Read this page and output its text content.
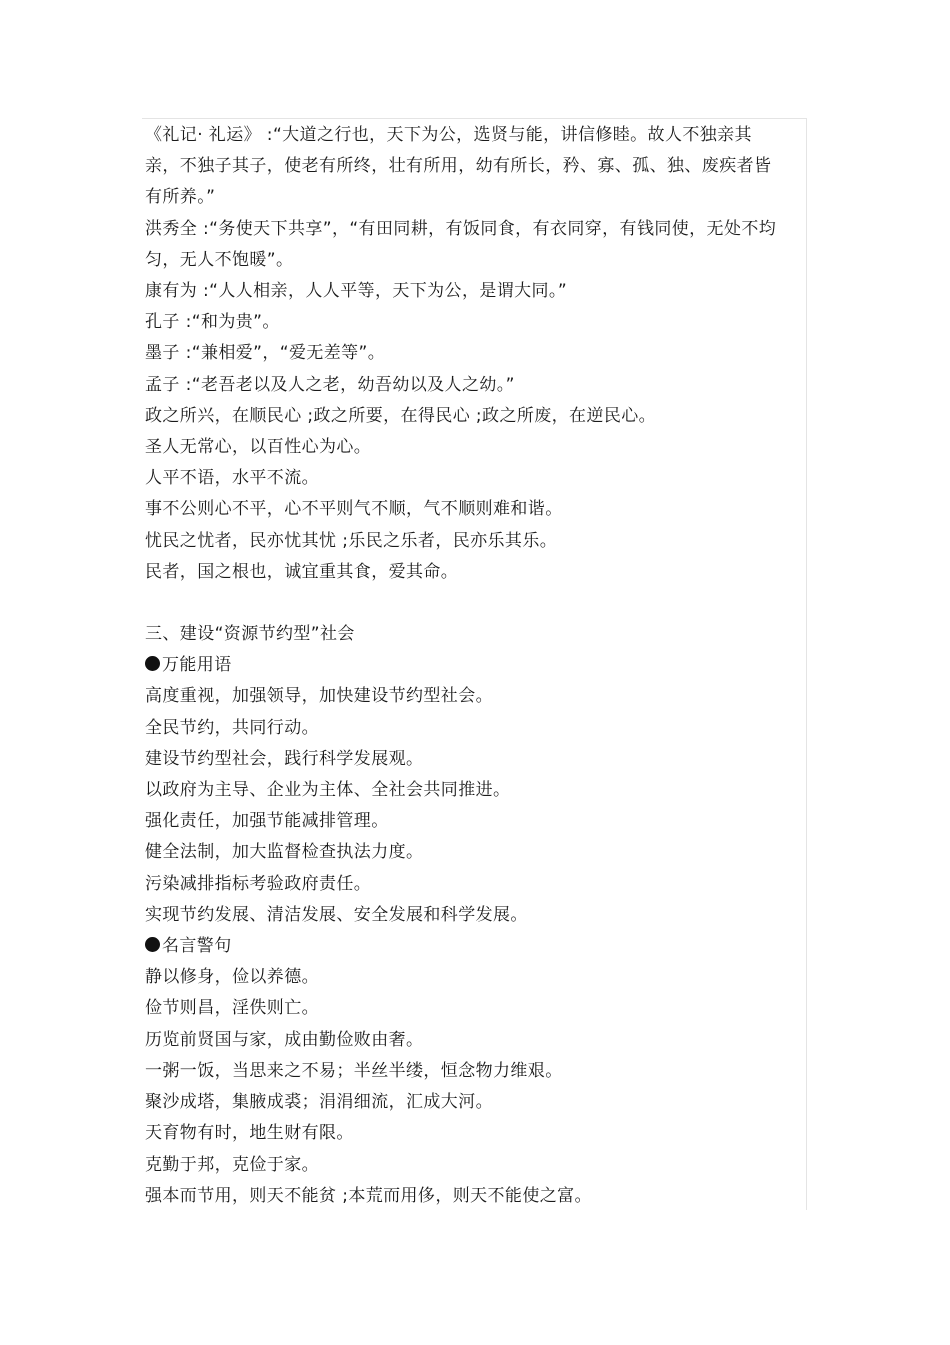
《礼记· 礼运》 :“大道之行也，天下为公，选贤与能，讲信修睦。故人不独亲其亲，不独子其子，使老有所终，壮有所用，幼有所长，矜、寡、孤、独、废疾者皆有所养。”
洪秀全 :“务使天下共享”，“有田同耕，有饭同食，有衣同穿，有钱同使，无处不均匀，无人不饱暖”。
康有为 :“人人相亲，人人平等，天下为公，是谓大同。”
孔子 :“和为贵”。
墨子 :“兼相爱”，“爱无差等”。
孟子 :“老吾老以及人之老，幼吾幼以及人之幼。”
政之所兴，在顺民心 ;政之所要，在得民心 ;政之所废，在逆民心。
圣人无常心，以百性心为心。
人平不语，水平不流。
事不公则心不平，心不平则气不顺，气不顺则难和谐。
忧民之忧者，民亦忧其忧 ;乐民之乐者，民亦乐其乐。
民者，国之根也，诚宜重其食，爱其命。
三、建设“资源节约型”社会
万能用语
高度重视，加强领导，加快建设节约型社会。
全民节约，共同行动。
建设节约型社会，践行科学发展观。
以政府为主导、企业为主体、全社会共同推进。
强化责任，加强节能减排管理。
健全法制，加大监督检查执法力度。
污染减排指标考验政府责任。
实现节约发展、清洁发展、安全发展和科学发展。
名言警句
静以修身，俭以养德。
俭节则昌，淫佚则亡。
历览前贤国与家，成由勤俭败由奢。
一粥一饭，当思来之不易；半丝半缕，恒念物力维艰。
聚沙成塔，集腋成裘；涓涓细流，汇成大河。
天育物有时，地生财有限。
克勤于邦，克俭于家。
强本而节用，则天不能贫 ;本荒而用侈，则天不能使之富。
